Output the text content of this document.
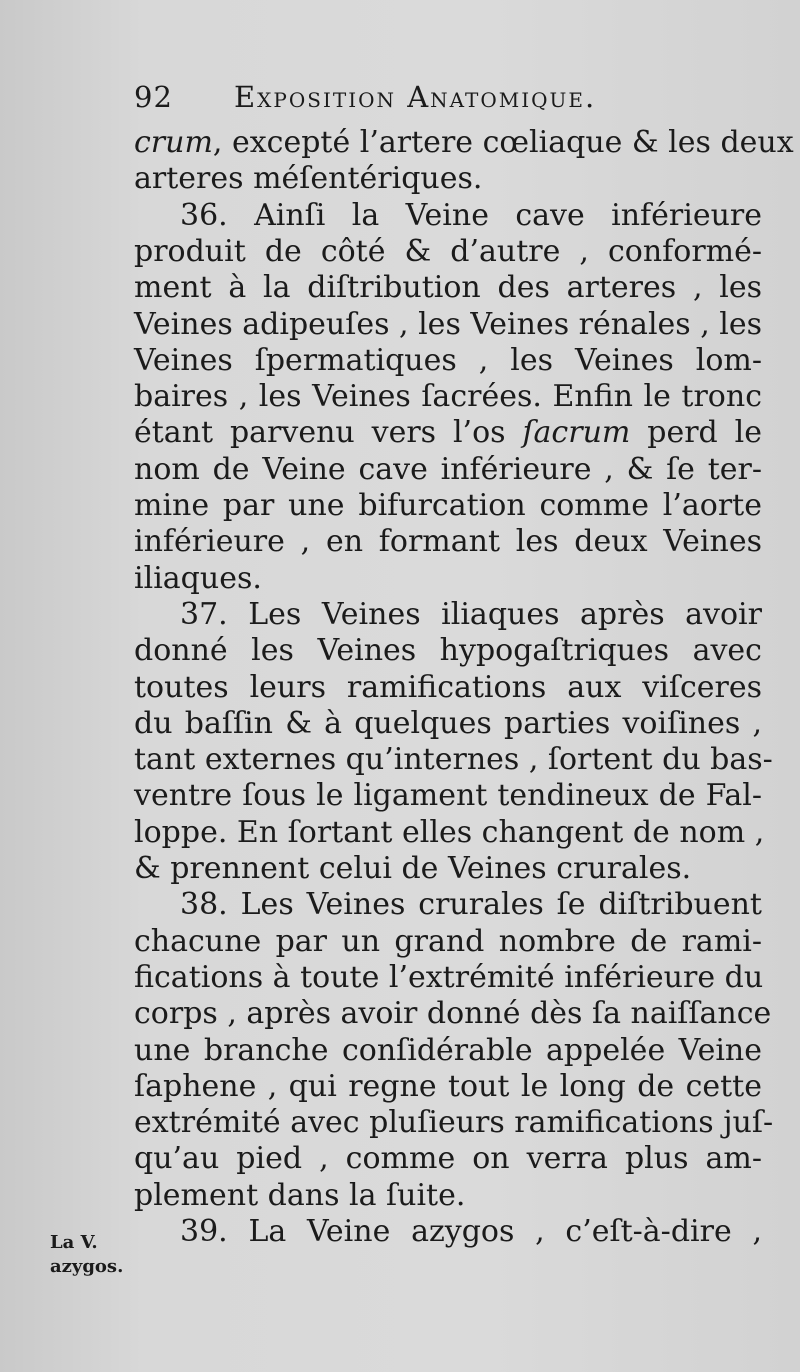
92	Exposition Anatomique.
crum, excepté l’artere cœliaque & les deux
arteres méſentériques.
36. Ainſi la Veine cave inférieure
produit de côté & d’autre , conformé-
ment à la diſtribution des arteres , les
Veines adipeuſes , les Veines rénales , les
Veines ſpermatiques , les Veines lom-
baires , les Veines ſacrées. Enfin le tronc
étant parvenu vers l’os ſacrum perd le
nom de Veine cave inférieure , & ſe ter-
mine par une bifurcation comme l’aorte
inférieure , en formant les deux Veines
iliaques.
37. Les Veines iliaques après avoir
donné les Veines hypogaſtriques avec
toutes leurs ramifications aux viſceres
du baſſin & à quelques parties voiſines ,
tant externes qu’internes , ſortent du bas-
ventre ſous le ligament tendineux de Fal-
loppe. En ſortant elles changent de nom ,
& prennent celui de Veines crurales.
38. Les Veines crurales ſe diſtribuent
chacune par un grand nombre de rami-
fications à toute l’extrémité inférieure du
corps , après avoir donné dès ſa naiſſance
une branche conſidérable appelée Veine
ſaphene , qui regne tout le long de cette
extrémité avec pluſieurs ramifications juſ-
qu’au pied , comme on verra plus am-
plement dans la ſuite.
39. La Veine azygos , c’eſt-à-dire ,
La V.
azygos.
